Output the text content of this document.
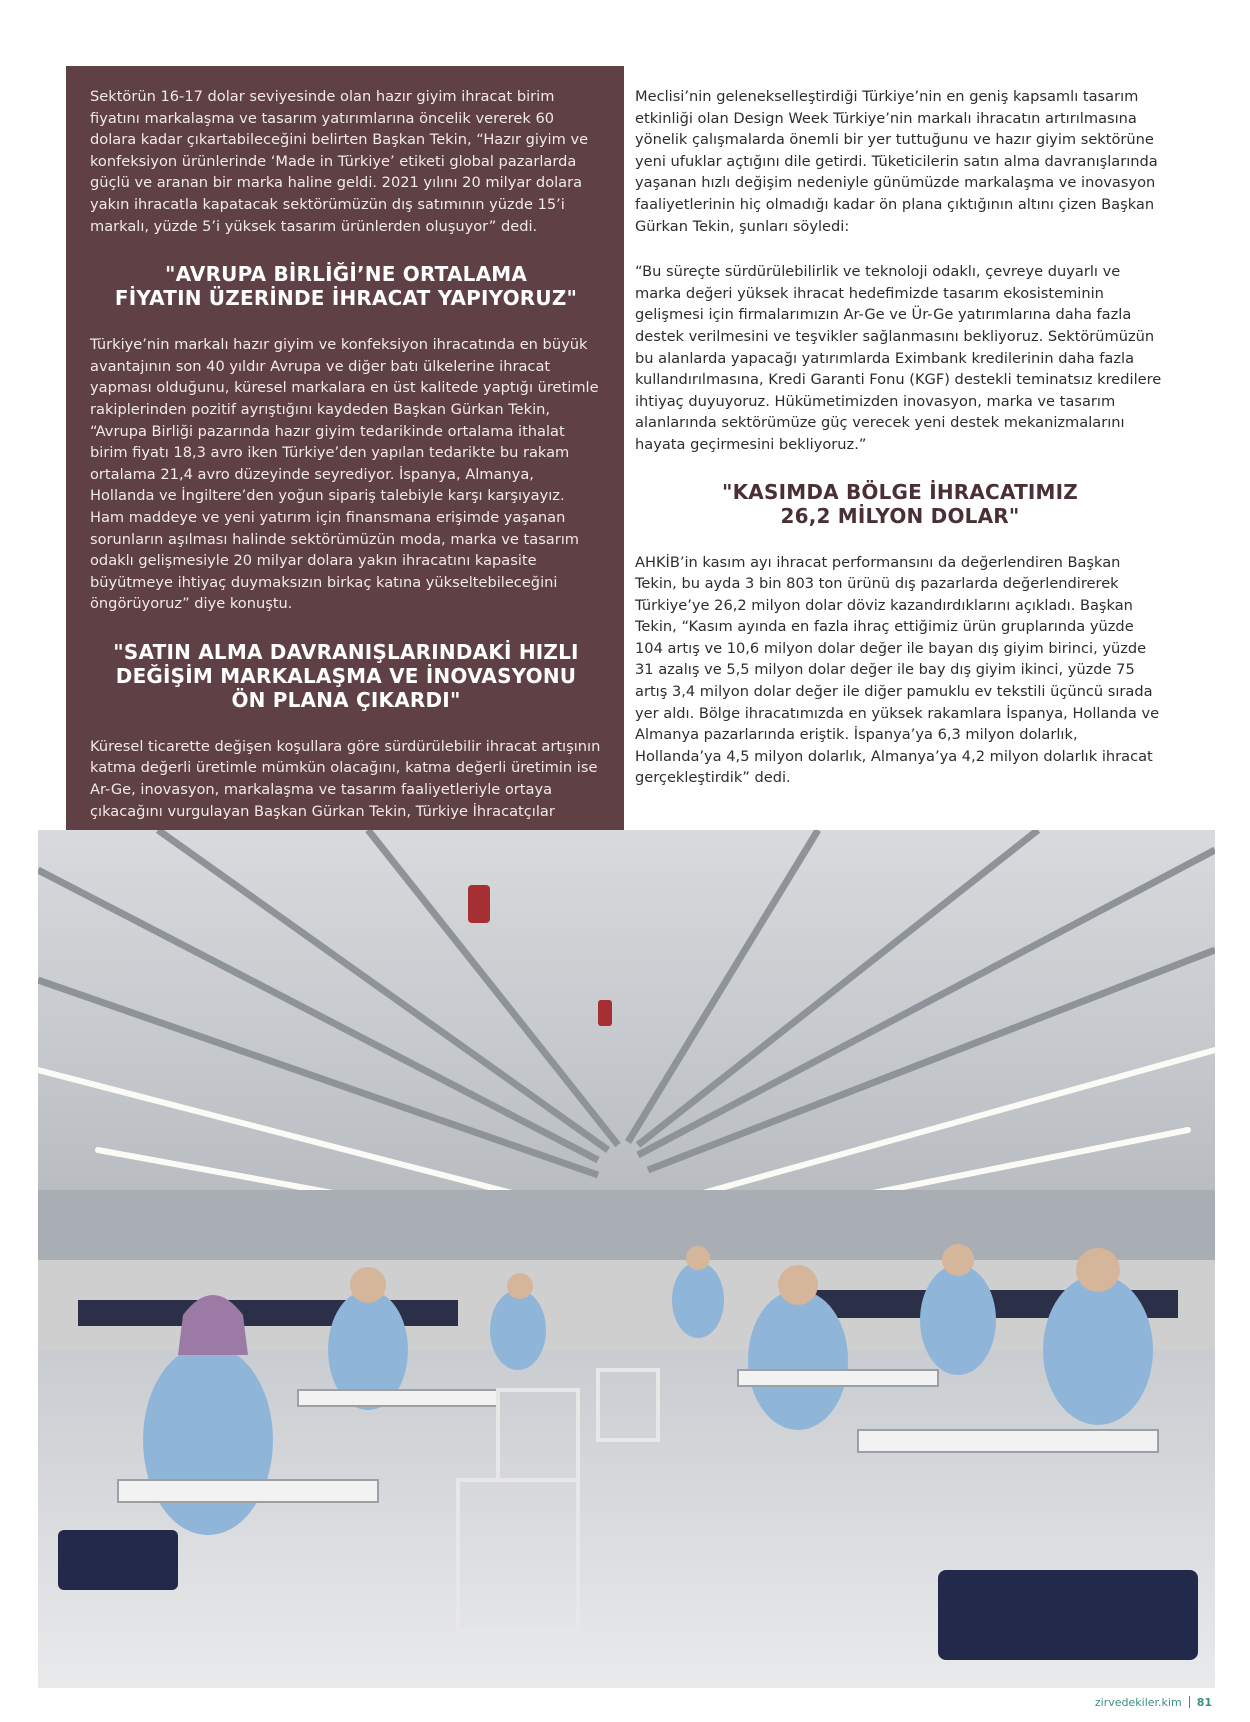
Sektörün 16-17 dolar seviyesinde olan hazır giyim ihracat birim fiyatını markalaşma ve tasarım yatırımlarına öncelik vererek 60 dolara kadar çıkartabileceğini belirten Başkan Tekin, “Hazır giyim ve konfeksiyon ürünlerinde ‘Made in Türkiye’ etiketi global pazarlarda güçlü ve aranan bir marka haline geldi. 2021 yılını 20 milyar dolara yakın ihracatla kapatacak sektörümüzün dış satımının yüzde 15’i markalı, yüzde 5’i yüksek tasarım ürünlerden oluşuyor” dedi.

"AVRUPA BİRLİĞİ’NE ORTALAMA
FİYATIN ÜZERİNDE İHRACAT YAPIYORUZ"

Türkiye’nin markalı hazır giyim ve konfeksiyon ihracatında en büyük avantajının son 40 yıldır Avrupa ve diğer batı ülkelerine ihracat yapması olduğunu, küresel markalara en üst kalitede yaptığı üretimle rakiplerinden pozitif ayrıştığını kaydeden Başkan Gürkan Tekin, “Avrupa Birliği pazarında hazır giyim tedarikinde ortalama ithalat birim fiyatı 18,3 avro iken Türkiye’den yapılan tedarikte bu rakam ortalama 21,4 avro düzeyinde seyrediyor. İspanya, Almanya, Hollanda ve İngiltere’den yoğun sipariş talebiyle karşı karşıyayız. Ham maddeye ve yeni yatırım için finansmana erişimde yaşanan sorunların aşılması halinde sektörümüzün moda, marka ve tasarım odaklı gelişmesiyle 20 milyar dolara yakın ihracatını kapasite büyütmeye ihtiyaç duymaksızın birkaç katına yükseltebileceğini öngörüyoruz” diye konuştu.

"SATIN ALMA DAVRANIŞLARINDAKİ HIZLI
DEĞİŞİM MARKALAŞMA VE İNOVASYONU
ÖN PLANA ÇIKARDI"

Küresel ticarette değişen koşullara göre sürdürülebilir ihracat artışının katma değerli üretimle mümkün olacağını, katma değerli üretimin ise Ar-Ge, inovasyon, markalaşma ve tasarım faaliyetleriyle ortaya çıkacağını vurgulayan Başkan Gürkan Tekin, Türkiye İhracatçılar

Meclisi’nin gelenekselleştirdiği Türkiye’nin en geniş kapsamlı tasarım etkinliği olan Design Week Türkiye’nin markalı ihracatın artırılmasına yönelik çalışmalarda önemli bir yer tuttuğunu ve hazır giyim sektörüne yeni ufuklar açtığını dile getirdi. Tüketicilerin satın alma davranışlarında yaşanan hızlı değişim nedeniyle günümüzde markalaşma ve inovasyon faaliyetlerinin hiç olmadığı kadar ön plana çıktığının altını çizen Başkan Gürkan Tekin, şunları söyledi:

“Bu süreçte sürdürülebilirlik ve teknoloji odaklı, çevreye duyarlı ve marka değeri yüksek ihracat hedefimizde tasarım ekosisteminin gelişmesi için firmalarımızın Ar-Ge ve Ür-Ge yatırımlarına daha fazla destek verilmesini ve teşvikler sağlanmasını bekliyoruz. Sektörümüzün bu alanlarda yapacağı yatırımlarda Eximbank kredilerinin daha fazla kullandırılmasına, Kredi Garanti Fonu (KGF) destekli teminatsız kredilere ihtiyaç duyuyoruz. Hükümetimizden inovasyon, marka ve tasarım alanlarında sektörümüze güç verecek yeni destek mekanizmalarını hayata geçirmesini bekliyoruz.”

"KASIMDA BÖLGE İHRACATIMIZ
26,2 MİLYON DOLAR"

AHKİB’in kasım ayı ihracat performansını da değerlendiren Başkan Tekin, bu ayda 3 bin 803 ton ürünü dış pazarlarda değerlendirerek Türkiye’ye 26,2 milyon dolar döviz kazandırdıklarını açıkladı. Başkan Tekin, “Kasım ayında en fazla ihraç ettiğimiz ürün gruplarında yüzde 104 artış ve 10,6 milyon dolar değer ile bayan dış giyim birinci, yüzde 31 azalış ve 5,5 milyon dolar değer ile bay dış giyim ikinci, yüzde 75 artış 3,4 milyon dolar değer ile diğer pamuklu ev tekstili üçüncü sırada yer aldı. Bölge ihracatımızda en yüksek rakamlara İspanya, Hollanda ve Almanya pazarlarında eriştik. İspanya’ya 6,3 milyon dolarlık, Hollanda’ya 4,5 milyon dolarlık, Almanya’ya 4,2 milyon dolarlık ihracat gerçekleştirdik” dedi.

zirvedekiler.kim 81
